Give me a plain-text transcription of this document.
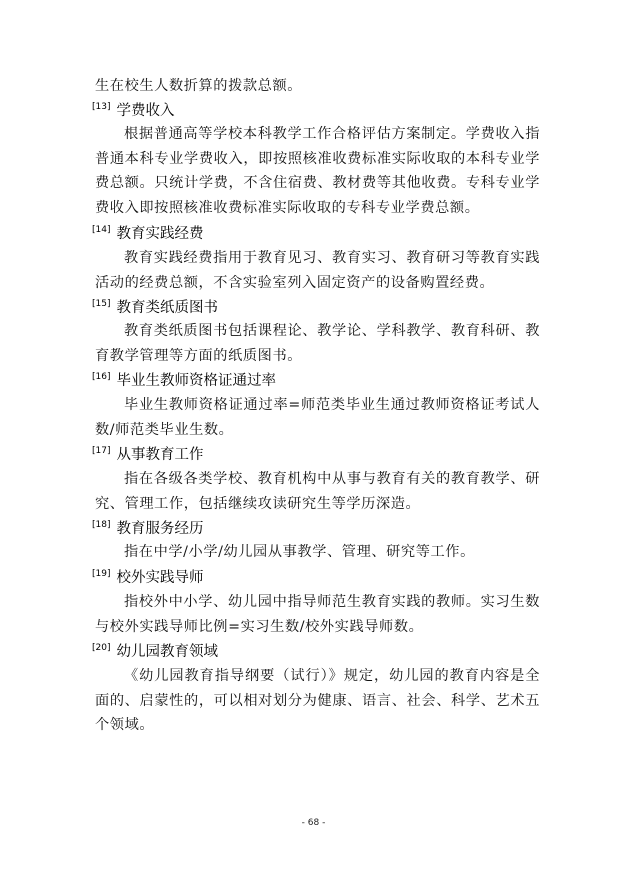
生在校生人数折算的拨款总额。

[13] 学费收入

根据普通高等学校本科教学工作合格评估方案制定。学费收入指普通本科专业学费收入，即按照核准收费标准实际收取的本科专业学费总额。只统计学费，不含住宿费、教材费等其他收费。专科专业学费收入即按照核准收费标准实际收取的专科专业学费总额。

[14] 教育实践经费

教育实践经费指用于教育见习、教育实习、教育研习等教育实践活动的经费总额，不含实验室列入固定资产的设备购置经费。

[15] 教育类纸质图书

教育类纸质图书包括课程论、教学论、学科教学、教育科研、教育教学管理等方面的纸质图书。

[16] 毕业生教师资格证通过率

毕业生教师资格证通过率=师范类毕业生通过教师资格证考试人数/师范类毕业生数。

[17] 从事教育工作

指在各级各类学校、教育机构中从事与教育有关的教育教学、研究、管理工作，包括继续攻读研究生等学历深造。

[18] 教育服务经历

指在中学/小学/幼儿园从事教学、管理、研究等工作。

[19] 校外实践导师

指校外中小学、幼儿园中指导师范生教育实践的教师。实习生数与校外实践导师比例=实习生数/校外实践导师数。

[20] 幼儿园教育领域

《幼儿园教育指导纲要（试行）》规定，幼儿园的教育内容是全面的、启蒙性的，可以相对划分为健康、语言、社会、科学、艺术五个领域。

- 68 -
